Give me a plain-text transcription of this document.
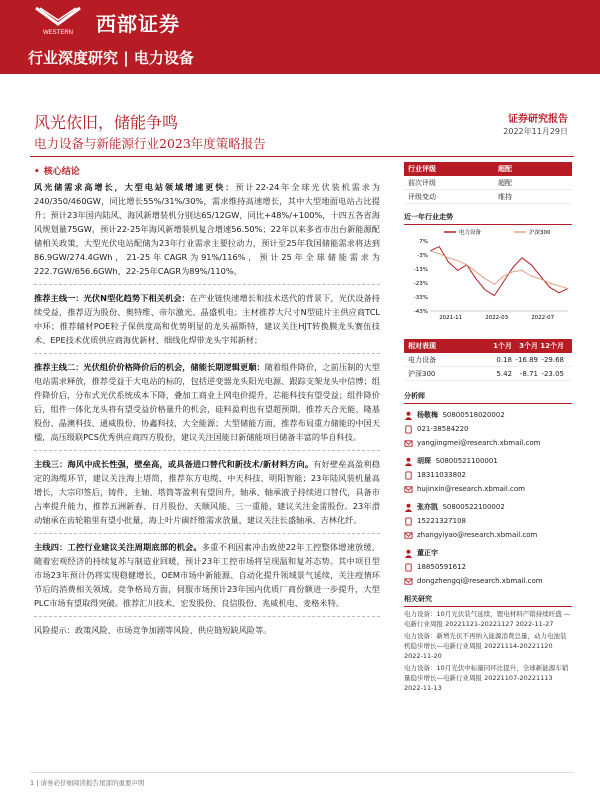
WESTERN 西部证券
行业深度研究 | 电力设备
风光依旧，储能争鸣
电力设备与新能源行业2023年度策略报告
证券研究报告
2022年11月29日
• 核心结论

风光储需求高增长，大型电站领域增速更快：预计22-24年全球光伏装机需求为240/350/460GW，同比增长55%/31%/30%，需求维持高速增长，其中大型地面电站占比提升；预计23年国内陆风、海风新增装机分别达65/12GW，同比+48%/+100%，十四五各省海风规划量75GW，预计22-25年海风新增装机复合增速56.50%；22年以来多省市出台新能源配储相关政策，大型光伏电站配储为23年行业需求主要拉动力，预计至25年我国储能需求将达到86.9GW/274.4GWh，21-25年CAGR为91%/116%，预计25年全球储能需求为222.7GW/656.6GWh，22-25年CAGR为89%/110%。

推荐主线一：光伏N型化趋势下相关机会：在产业链快速增长和技术迭代的背景下，光伏设备持续受益，推荐迈为股份、奥特维、帝尔激光、晶盛机电；主材推荐大尺寸N型硅片主供应商TCL中环；推荐辅材POE粒子保供度高和优势明显的龙头福斯特，建议关注HJT转换膜龙头赛伍技术、EPE技术优质供应商海优新材、细线化焊带龙头宇邦新材；

推荐主线二：光伏组价价格降价后的机会，储能长期逻辑更顺：随着组件降价，之前压制的大型电站需求释放，推荐受益于大电站的标的，包括逆变器龙头阳光电源、跟踪支架龙头中信博；组件降价后，分布式光伏系统成本下降，叠加工商业上网电价提升，芯能科技有望受益；组件降价后，组件一体化龙头将有望受益价格量升的机会，硅料盈利也有望超预期，推荐天合光能、隆基股份、晶澳科技、通威股份、协鑫科技，大全能源；大型储能方面，推荐布局重力储能的中国天楹，高压级联PCS优秀供应商四方股份，建议关注国能日新储能项目储备丰富的华自科技。

主线三：海风中成长性强，壁垒高，或具备进口替代和新技术/新材料方向。有好壁垒高盈利稳定的海缆环节，建议关注海上塔筒，推荐东方电缆、中天科技、明阳智能；23年陆风装机量高增长，大宗印签后，铸件、主轴、塔筒等盈利有望回升，轴承、轴承液子持续进口替代，具备市占率提升能力，推荐五洲新春、日月股份、天顺风能、三一重能，建议关注金雷股份。23年滑动轴承在齿轮箱里有望小批量，海上叶片碳纤维需求放量，建议关注长盛轴承、吉林化纤。

主线四：工控行业建议关注周期底部的机会。多重不利因素冲击致使22年工控整体增速放缓，随着宏观经济的持续复苏与制造业回暖，预计23年工控市场将呈现温和复苏态势。其中项目型市场23年预计仍将实现稳健增长，OEM市场中新能源、自动化提升领域景气延续，关注疫情环节后的消费相关领域。竞争格局方面，伺服市场预计23年国内优质厂商份额进一步提升，大型PLC市场有望取得突破。推荐汇川技术、宏发股份、良信股份、兆威机电、麦格米特。

风险提示：政策风险、市场竞争加剧等风险、供应链短缺风险等。

行业评级	超配
前次评级	超配
评级变动	维持
近一年行业走势
电力设备	沪深300
7%
-3%
-13%
-23%
-33%
-43%
2021-11	2022-03	2022-07
相对表现	1个月	3个月 12个月
电力设备	0.18 -16.89 -29.68
沪深300	5.42	-8.71 -23.05
分析师
杨敬梅
S0800518020002
021-38584220
yangjingmei@research.xbmail.com
胡琛
S0800521100001
18311033802
hujinxin@research.xbmail.com
张亦凯
S0800522100002
15221327108
zhangyiyao@research.xbmail.com
董正宇
18850591612
dongzhengqi@research.xbmail.com
相关研究
电力设备：10月光伏装气延续，锂电材料产销持续旺盛 —电新行业周报 20221121-20221127 2022-11-27
电力设备：新增光伏不再纳入能源消费总量，动力电池装机稳步增长—电新行业周报 20221114-20221120 2022-11-20
电力设备：10月光伏中标量同环比提升，全球新能源车销量稳步增长—电新行业周报 20221107-20221113 2022-11-13
1 | 请务必仔细阅读报告尾部的重要声明
